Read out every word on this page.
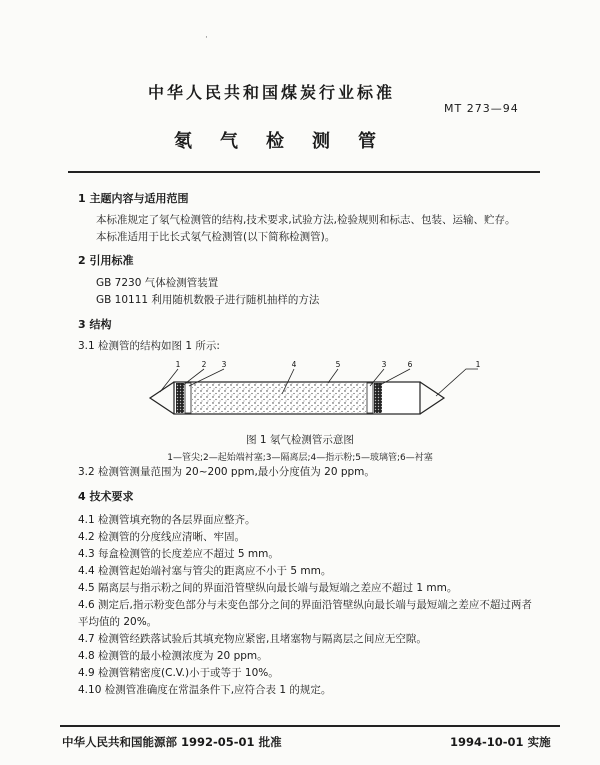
·
中华人民共和国煤炭行业标准
MT 273—94
氡气检测管
1 主题内容与适用范围
本标准规定了氡气检测管的结构,技术要求,试验方法,检验规则和标志、包装、运输、贮存。
本标准适用于比长式氡气检测管(以下简称检测管)。
2 引用标准
GB 7230 气体检测管装置
GB 10111 利用随机数骰子进行随机抽样的方法
3 结构
3.1 检测管的结构如图 1 所示:
1	2 3	4	5	3	6	1
图 1 氡气检测管示意图
1—管尖;2—起始端衬塞;3—隔离层;4—指示粉;5—玻璃管;6—衬塞
3.2 检测管测量范围为 20~200 ppm,最小分度值为 20 ppm。
4 技术要求
4.1 检测管填充物的各层界面应整齐。
4.2 检测管的分度线应清晰、牢固。
4.3 每盒检测管的长度差应不超过 5 mm。
4.4 检测管起始端衬塞与管尖的距离应不小于 5 mm。
4.5 隔离层与指示粉之间的界面沿管壁纵向最长端与最短端之差应不超过 1 mm。
4.6 测定后,指示粉变色部分与未变色部分之间的界面沿管壁纵向最长端与最短端之差应不超过两者
平均值的 20%。
4.7 检测管经跌落试验后其填充物应紧密,且堵塞物与隔离层之间应无空隙。
4.8 检测管的最小检测浓度为 20 ppm。
4.9 检测管精密度(C.V.)小于或等于 10%。
4.10 检测管准确度在常温条件下,应符合表 1 的规定。
中华人民共和国能源部 1992-05-01 批准	1994-10-01 实施
